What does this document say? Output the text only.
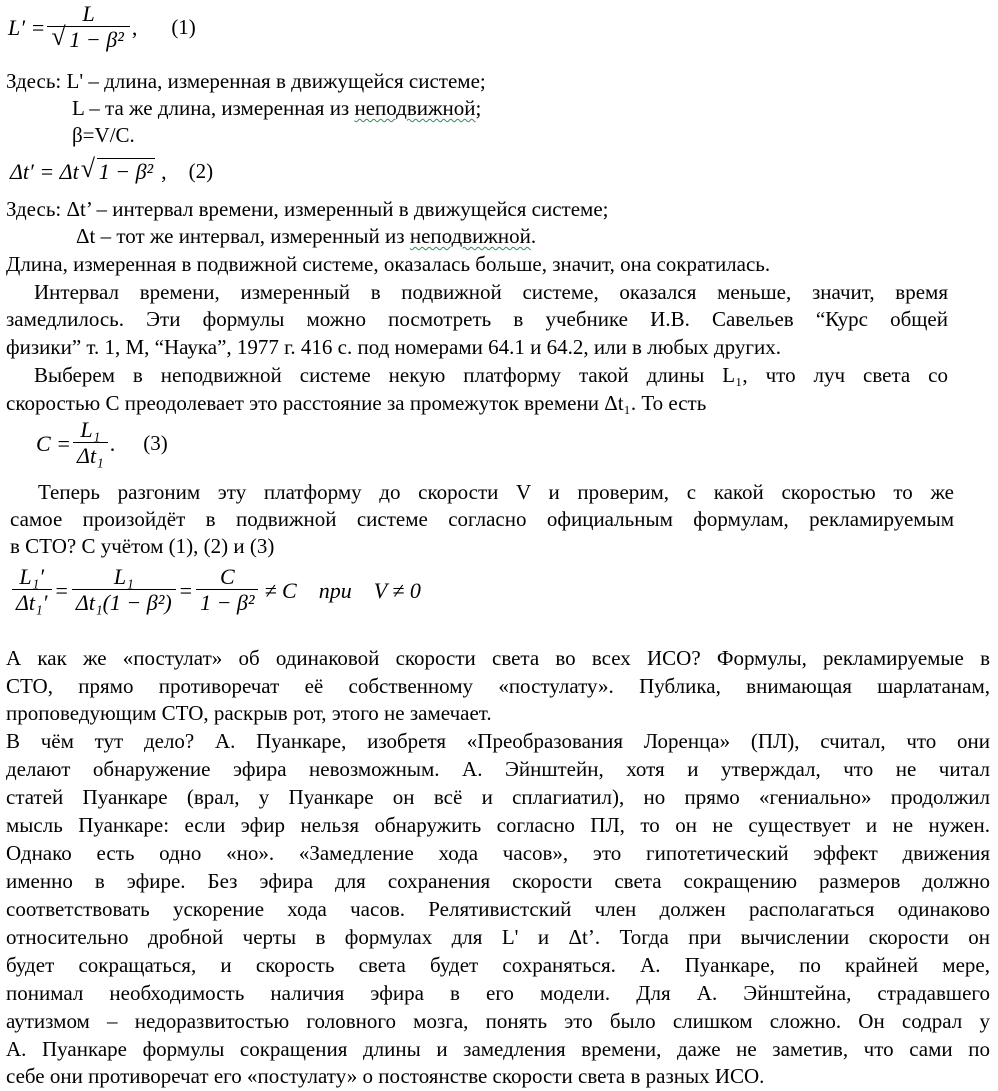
L′ = L
√ 1 − β² , (1)
Здесь: L' – длина, измеренная в движущейся системе;
L – та же длина, измеренная из неподвижной;
β=V/C.
Δt′ = Δt
√ 1 − β² , (2)
Здесь: Δt’ – интервал времени, измеренный в движущейся системе;
Δt – тот же интервал, измеренный из неподвижной.
Длина, измеренная в подвижной системе, оказалась больше, значит, она сократилась.
Интервал времени, измеренный в подвижной системе, оказался меньше, значит, время
замедлилось. Эти формулы можно посмотреть в учебнике И.В. Савельев “Курс общей
физики” т. 1, М, “Наука”, 1977 г. 416 с. под номерами 64.1 и 64.2, или в любых других.
Выберем в неподвижной системе некую платформу такой длины L₁, что луч света со
скоростью С преодолевает это расстояние за промежуток времени Δt₁. То есть
$C = \frac{\text{L₁}}{\text{Δt₁}}$ . (3)
Теперь разгоним эту платформу до скорости V и проверим, с какой скоростью то же
самое произойдёт в подвижной системе согласно официальным формулам, рекламируемым
в СТО? С учётом (1), (2) и (3)
$\frac{\text{L₁′}}{\text{Δt₁′}} = \frac{\text{L₁}}{\text{Δt₁(1 − β²)}} = \frac{C}{\text{1 − β²}} \ne C$ при V ≠ 0
А как же «постулат» об одинаковой скорости света во всех ИСО? Формулы, рекламируемые в
СТО, прямо противоречат её собственному «постулату». Публика, внимающая шарлатанам,
проповедующим СТО, раскрыв рот, этого не замечает.
В чём тут дело? А. Пуанкаре, изобретя «Преобразования Лоренца» (ПЛ), считал, что они
делают обнаружение эфира невозможным. А. Эйнштейн, хотя и утверждал, что не читал
статей Пуанкаре (врал, у Пуанкаре он всё и сплагиатил), но прямо «гениально» продолжил
мысль Пуанкаре: если эфир нельзя обнаружить согласно ПЛ, то он не существует и не нужен.
Однако есть одно «но». «Замедление хода часов», это гипотетический эффект движения
именно в эфире. Без эфира для сохранения скорости света сокращению размеров должно
соответствовать ускорение хода часов. Релятивистский член должен располагаться одинаково
относительно дробной черты в формулах для L' и Δt’. Тогда при вычислении скорости он
будет сокращаться, и скорость света будет сохраняться. А. Пуанкаре, по крайней мере,
понимал необходимость наличия эфира в его модели. Для А. Эйнштейна, страдавшего
аутизмом – недоразвитостью головного мозга, понять это было слишком сложно. Он содрал у
А. Пуанкаре формулы сокращения длины и замедления времени, даже не заметив, что сами по
себе они противоречат его «постулату» о постоянстве скорости света в разных ИСО.
